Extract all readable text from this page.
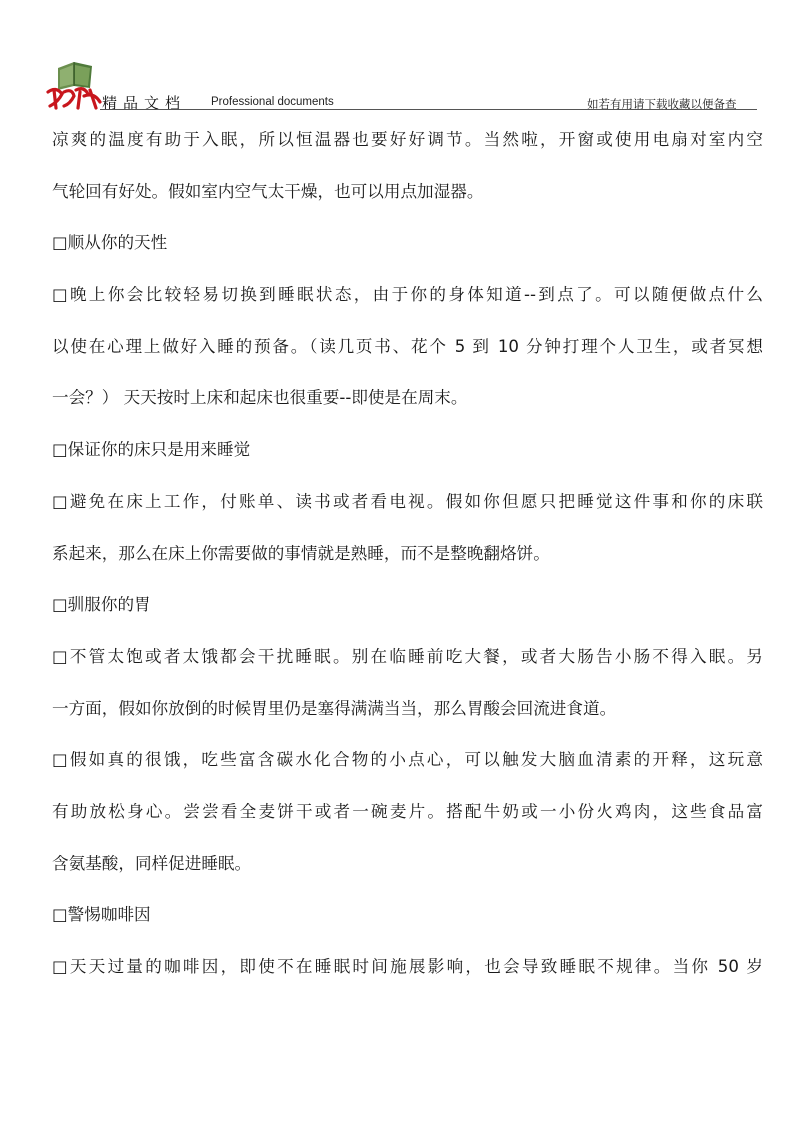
精品文档 Professional documents	如若有用请下载收藏以便备查
凉爽的温度有助于入眠，所以恒温器也要好好调节。当然啦，开窗或使用电扇对室内空
气轮回有好处。假如室内空气太干燥，也可以用点加湿器。
□顺从你的天性
□晚上你会比较轻易切换到睡眠状态，由于你的身体知道--到点了。可以随便做点什么
以使在心理上做好入睡的预备。（读几页书、花个 5 到 10 分钟打理个人卫生，或者冥想
一会？） 天天按时上床和起床也很重要--即使是在周末。
□保证你的床只是用来睡觉
□避免在床上工作，付账单、读书或者看电视。假如你但愿只把睡觉这件事和你的床联
系起来，那么在床上你需要做的事情就是熟睡，而不是整晚翻烙饼。
□驯服你的胃
□不管太饱或者太饿都会干扰睡眠。别在临睡前吃大餐，或者大肠告小肠不得入眠。另
一方面，假如你放倒的时候胃里仍是塞得满满当当，那么胃酸会回流进食道。
□假如真的很饿，吃些富含碳水化合物的小点心，可以触发大脑血清素的开释，这玩意
有助放松身心。尝尝看全麦饼干或者一碗麦片。搭配牛奶或一小份火鸡肉，这些食品富
含氨基酸，同样促进睡眠。
□警惕咖啡因
□天天过量的咖啡因，即使不在睡眠时间施展影响，也会导致睡眠不规律。当你 50 岁
